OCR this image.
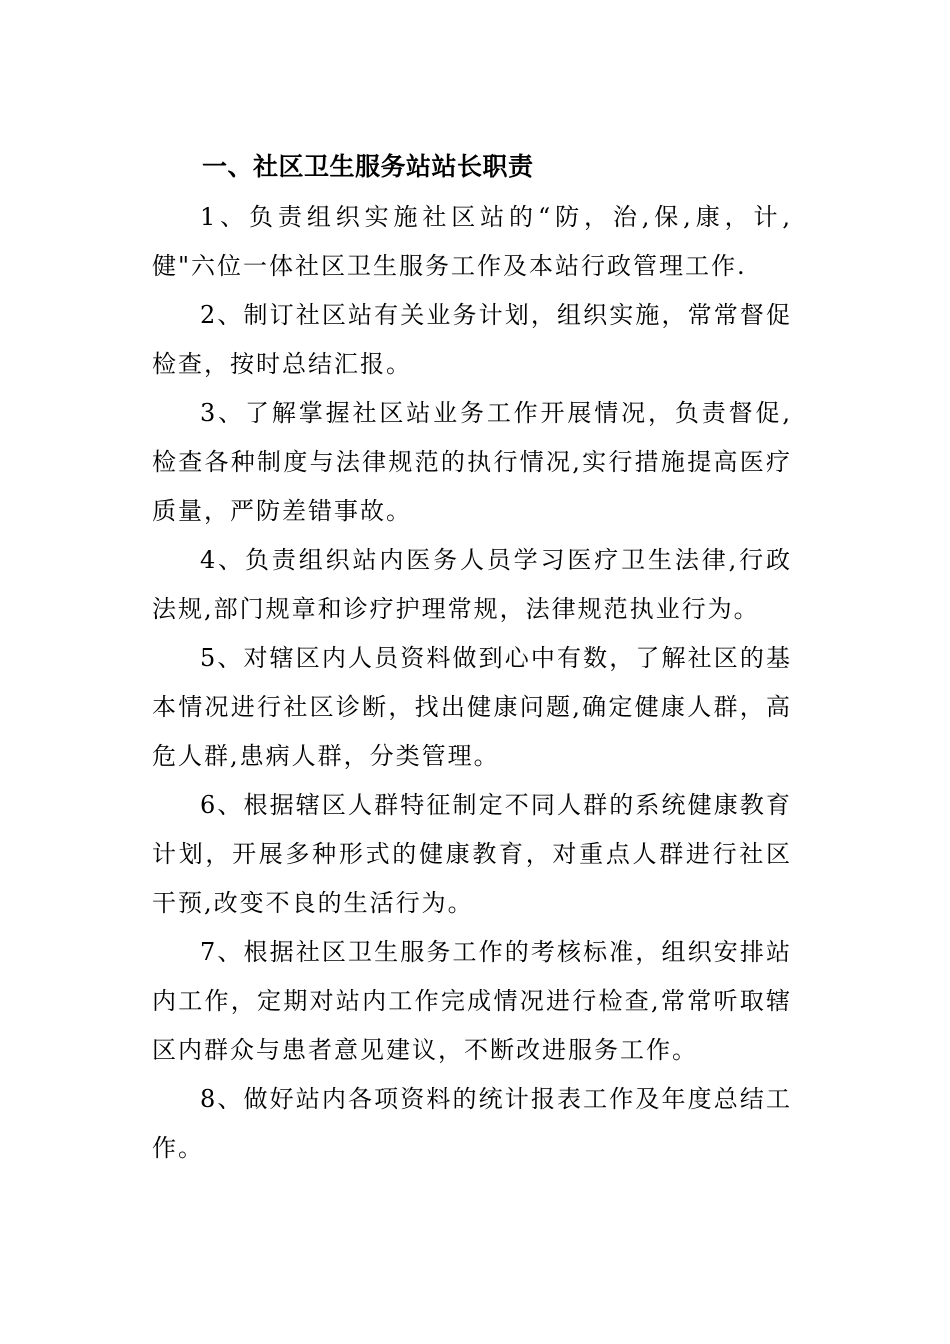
一、社区卫生服务站站长职责

1、负责组织实施社区站的“防，治,保,康，计,健"六位一体社区卫生服务工作及本站行政管理工作.

2、制订社区站有关业务计划，组织实施，常常督促检查，按时总结汇报。

3、了解掌握社区站业务工作开展情况，负责督促,检查各种制度与法律规范的执行情况,实行措施提高医疗质量，严防差错事故。

4、负责组织站内医务人员学习医疗卫生法律,行政法规,部门规章和诊疗护理常规，法律规范执业行为。

5、对辖区内人员资料做到心中有数，了解社区的基本情况进行社区诊断，找出健康问题,确定健康人群，高危人群,患病人群，分类管理。

6、根据辖区人群特征制定不同人群的系统健康教育计划，开展多种形式的健康教育，对重点人群进行社区干预,改变不良的生活行为。

7、根据社区卫生服务工作的考核标准，组织安排站内工作，定期对站内工作完成情况进行检查,常常听取辖区内群众与患者意见建议，不断改进服务工作。

8、做好站内各项资料的统计报表工作及年度总结工作。
